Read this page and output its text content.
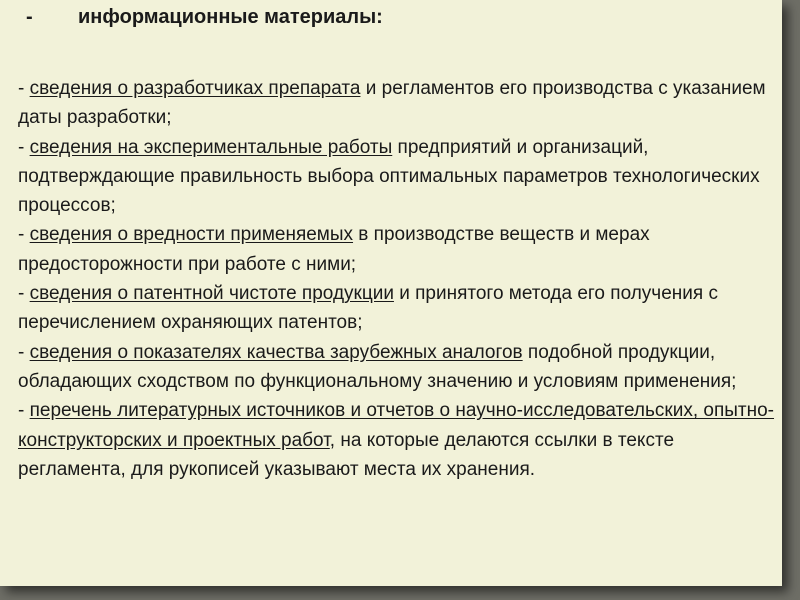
- информационные материалы:

- сведения о разработчиках препарата и регламентов его производства с указанием даты разработки;

- сведения на экспериментальные работы предприятий и организаций, подтверждающие правильность выбора оптимальных параметров технологических процессов;

- сведения о вредности применяемых в производстве веществ и мерах предосторожности при работе с ними;

- сведения о патентной чистоте продукции и принятого метода его получения с перечислением охраняющих патентов;

- сведения о показателях качества зарубежных аналогов подобной продукции, обладающих сходством по функциональному значению и условиям применения;

- перечень литературных источников и отчетов о научно-исследовательских, опытно-конструкторских и проектных работ, на которые делаются ссылки в тексте регламента, для рукописей указывают места их хранения.
